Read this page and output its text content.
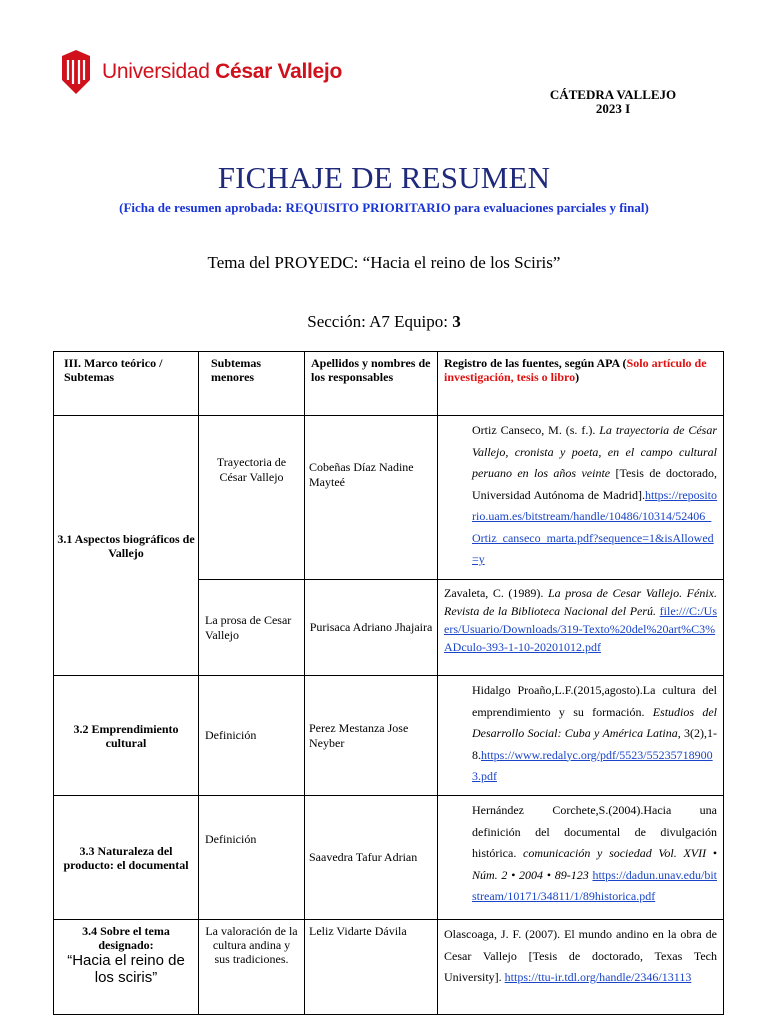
Universidad César Vallejo
CÁTEDRA VALLEJO
2023 I
FICHAJE DE RESUMEN
(Ficha de resumen aprobada: REQUISITO PRIORITARIO para evaluaciones parciales y final)
Tema del PROYEDC: “Hacia el reino de los Sciris”
Sección: A7 Equipo: 3
III. Marco teórico / Subtemas	Subtemas menores	Apellidos y nombres de los responsables	Registro de las fuentes, según APA (Solo artículo de investigación, tesis o libro)
3.1 Aspectos biográficos de Vallejo	Trayectoria de César Vallejo	Cobeñas Díaz Nadine Mayteé	Ortiz Canseco, M. (s. f.). La trayectoria de César Vallejo, cronista y poeta, en el campo cultural peruano en los años veinte [Tesis de doctorado, Universidad Autónoma de Madrid].https://repositorio.uam.es/bitstream/handle/10486/10314/52406_Ortiz_canseco_marta.pdf?sequence=1&isAllowed=y
	La prosa de Cesar Vallejo	Purisaca Adriano Jhajaira	Zavaleta, C. (1989). La prosa de Cesar Vallejo. Fénix. Revista de la Biblioteca Nacional del Perú. file:///C:/Users/Usuario/Downloads/319-Texto%20del%20art%C3%ADculo-393-1-10-20201012.pdf
3.2 Emprendimiento cultural	Definición	Perez Mestanza Jose Neyber	Hidalgo Proaño,L.F.(2015,agosto).La cultura del emprendimiento y su formación. Estudios del Desarrollo Social: Cuba y América Latina, 3(2),1-8.https://www.redalyc.org/pdf/5523/552357189003.pdf
3.3 Naturaleza del producto: el documental	Definición	Saavedra Tafur Adrian	Hernández Corchete,S.(2004).Hacia una definición del documental de divulgación histórica. comunicación y sociedad Vol. XVII • Núm. 2 • 2004 • 89-123 https://dadun.unav.edu/bitstream/10171/34811/1/89historica.pdf

3.4 Sobre el tema designado:
“Hacia el reino de los sciris”	La valoración de la cultura andina y sus tradiciones.	Leliz Vidarte Dávila	Olascoaga, J. F. (2007). El mundo andino en la obra de Cesar Vallejo [Tesis de doctorado, Texas Tech University]. https://ttu-ir.tdl.org/handle/2346/13113
